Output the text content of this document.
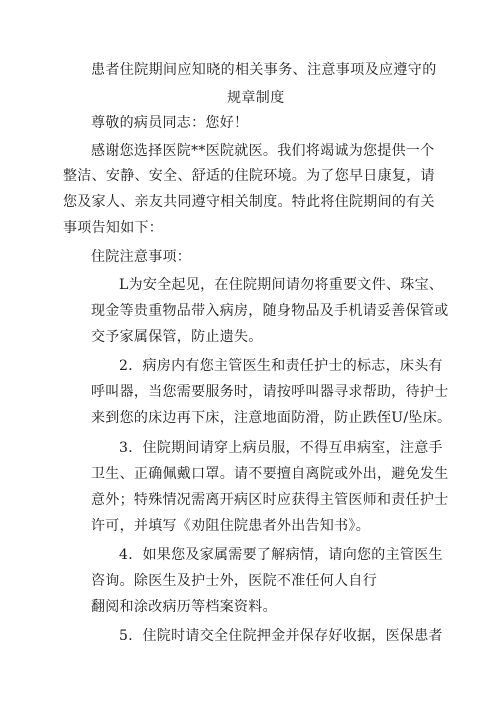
患者住院期间应知晓的相关事务、注意事项及应遵守的
规章制度
尊敬的病员同志：您好！
感谢您选择医院**医院就医。我们将竭诚为您提供一个
整洁、安静、安全、舒适的住院环境。为了您早日康复，请
您及家人、亲友共同遵守相关制度。特此将住院期间的有关
事项告知如下：
住院注意事项：
L为安全起见，在住院期间请勿将重要文件、珠宝、
现金等贵重物品带入病房，随身物品及手机请妥善保管或
交予家属保管，防止遗失。
2．病房内有您主管医生和责任护士的标志，床头有
呼叫器，当您需要服务时，请按呼叫器寻求帮助，待护士
来到您的床边再下床，注意地面防滑，防止跌侄U/坠床。
3．住院期间请穿上病员服，不得互串病室，注意手
卫生、正确佩戴口罩。请不要擅自离院或外出，避免发生
意外；特殊情况需离开病区时应获得主管医师和责任护士
许可，并填写《劝阻住院患者外出告知书》。
4．如果您及家属需要了解病情，请向您的主管医生
咨询。除医生及护士外，医院不准任何人自行
翻阅和涂改病历等档案资料。
5．住院时请交全住院押金并保存好收据，医保患者
